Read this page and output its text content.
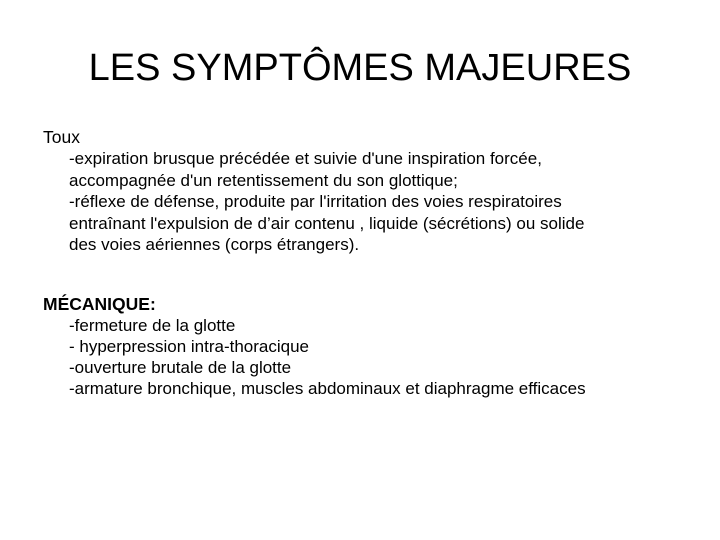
LES SYMPTÔMES MAJEURES
Toux
-expiration brusque précédée et suivie d'une inspiration forcée,
accompagnée d'un retentissement du son glottique;
-réflexe de défense, produite par l'irritation des voies respiratoires
entraînant l'expulsion de d’air contenu , liquide (sécrétions) ou solide
des voies aériennes (corps étrangers).
MÉCANIQUE:
-fermeture de la glotte
- hyperpression intra-thoracique
-ouverture brutale de la glotte
-armature bronchique, muscles abdominaux et diaphragme efficaces
